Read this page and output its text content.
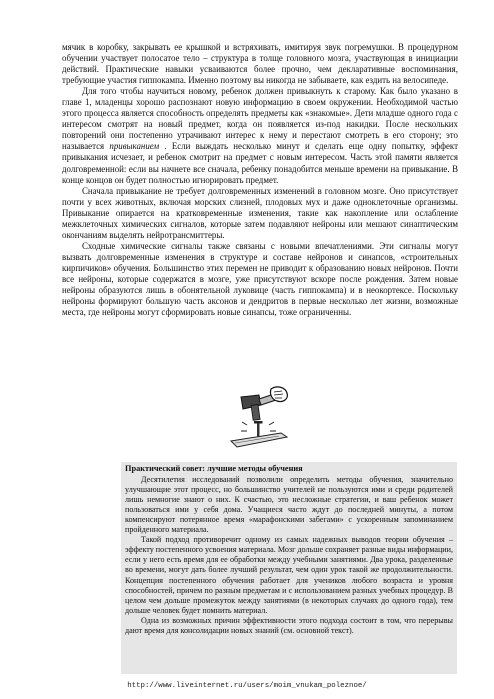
мячик в коробку, закрывать ее крышкой и встряхивать, имитируя звук погремушки. В процедурном обучении участвует полосатое тело – структура в толще головного мозга, участвующая в инициации действий. Практические навыки усваиваются более прочно, чем декларативные воспоминания, требующие участия гиппокампа. Именно поэтому вы никогда не забываете, как ездить на велосипеде.

Для того чтобы научиться новому, ребенок должен привыкнуть к старому. Как было указано в главе 1, младенцы хорошо распознают новую информацию в своем окружении. Необходимой частью этого процесса является способность определять предметы как «знакомые». Дети младше одного года с интересом смотрят на новый предмет, когда он появляется из-под накидки. После нескольких повторений они постепенно утрачивают интерес к нему и перестают смотреть в его сторону; это называется привыканием . Если выждать несколько минут и сделать еще одну попытку, эффект привыкания исчезает, и ребенок смотрит на предмет с новым интересом. Часть этой памяти является долговременной: если вы начнете все сначала, ребенку понадобится меньше времени на привыкание. В конце концов он будет полностью игнорировать предмет.

Сначала привыкание не требует долговременных изменений в головном мозге. Оно присутствует почти у всех животных, включая морских слизней, плодовых мух и даже одноклеточные организмы. Привыкание опирается на кратковременные изменения, такие как накопление или ослабление межклеточных химических сигналов, которые затем подавляют нейроны или мешают синаптическим окончаниям выделять нейротрансмиттеры.

Сходные химические сигналы также связаны с новыми впечатлениями. Эти сигналы могут вызвать долговременные изменения в структуре и составе нейронов и синапсов, «строительных кирпичиков» обучения. Большинство этих перемен не приводит к образованию новых нейронов. Почти все нейроны, которые содержатся в мозге, уже присутствуют вскоре после рождения. Затем новые нейроны образуются лишь в обонятельной луковице (часть гиппокампа) и в неокортексе. Поскольку нейроны формируют большую часть аксонов и дендритов в первые несколько лет жизни, возможные места, где нейроны могут сформировать новые синапсы, тоже ограниченны.

Практический совет: лучшие методы обучения

Десятилетия исследований позволили определить методы обучения, значительно улучшающие этот процесс, но большинство учителей не пользуются ими и среди родителей лишь немногие знают о них. К счастью, это несложные стратегии, и ваш ребенок может пользоваться ими у себя дома. Учащиеся часто ждут до последней минуты, а потом компенсируют потерянное время «марафонскими забегами» с ускоренным запоминанием пройденного материала.

Такой подход противоречит одному из самых надежных выводов теории обучения – эффекту постепенного усвоения материала. Мозг дольше сохраняет разные виды информации, если у него есть время для ее обработки между учебными занятиями. Два урока, разделенные во времени, могут дать более лучший результат, чем один урок такой же продолжительности. Концепция постепенного обучения работает для учеников любого возраста и уровня способностей, причем по разным предметам и с использованием разных учебных процедур. В целом чем дольше промежуток между занятиями (в некоторых случаях до одного года), тем дольше человек будет помнить материал.

Одна из возможных причин эффективности этого подхода состоит в том, что перерывы дают время для консолидации новых знаний (см. основной текст).

http://www.liveinternet.ru/users/moim_vnukam_poleznoe/
